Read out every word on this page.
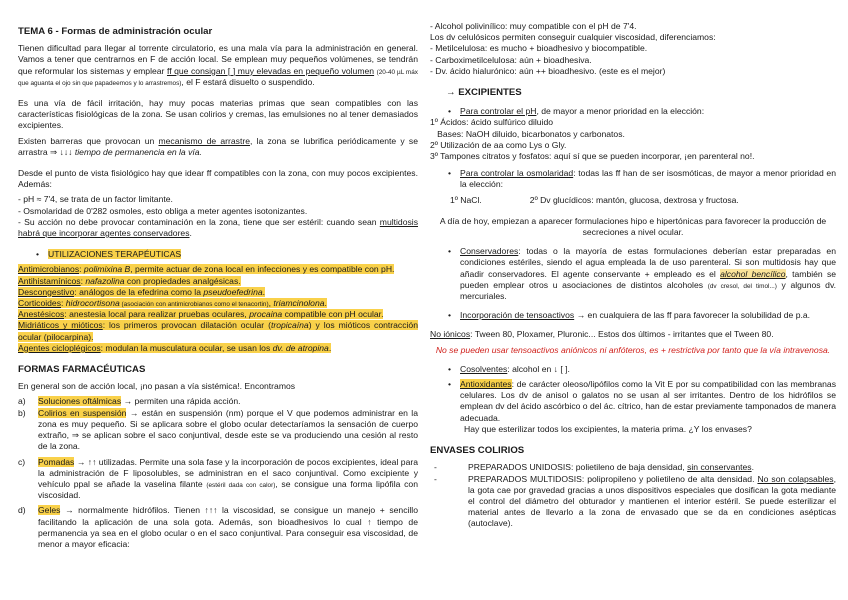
TEMA 6 - Formas de administración ocular

Tienen dificultad para llegar al torrente circulatorio, es una mala vía para la administración en general. Vamos a tener que centrarnos en F de acción local. Se emplean muy pequeños volúmenes, se tendrán que reformular los sistemas y emplear ff que consigan [ ] muy elevadas en pequeño volumen (20-40 µL máx que aguanta el ojo sin que papadeemos y lo arrastremos), el F estará disuelto o suspendido.

Es una vía de fácil irritación, hay muy pocas materias primas que sean compatibles con las características fisiológicas de la zona. Se usan colirios y cremas, las emulsiones no al tener demasiados excipientes.

Existen barreras que provocan un mecanismo de arrastre, la zona se lubrifica periódicamente y se arrastra ⇒ ↓↓↓ tiempo de permanencia en la vía.

Desde el punto de vista fisiológico hay que idear ff compatibles con la zona, con muy pocos excipientes. Además:

- pH ≈ 7'4, se trata de un factor limitante.

- Osmolaridad de 0'282 osmoles, esto obliga a meter agentes isotonizantes.

- Su acción no debe provocar contaminación en la zona, tiene que ser estéril: cuando sean multidosis habrá que incorporar agentes conservadores.

• UTILIZACIONES TERAPÉUTICAS

Antimicrobianos: polimixina B, permite actuar de zona local en infecciones y es compatible con pH.

Antihistamínicos: nafazolina con propiedades analgésicas.

Descongestivo: análogos de la efedrina como la pseudoefedrina.

Corticoides: hidrocortisona (asociación con antimicrobianos como el tenacortin), triamcinolona.

Anestésicos: anestesia local para realizar pruebas oculares, procaina compatible con pH ocular.

Midriáticos y mióticos: los primeros provocan dilatación ocular (tropicaína) y los mióticos contracción ocular (pilocarpina).

Agentes cicloplégicos: modulan la musculatura ocular, se usan los dv. de atropina.

FORMAS FARMACÉUTICAS

En general son de acción local, ¡no pasan a vía sistémica!. Encontramos

a) Soluciones oftálmicas → permiten una rápida acción.

b) Colirios en suspensión → están en suspensión (nm) porque el V que podemos administrar en la zona es muy pequeño. Si se aplicara sobre el globo ocular detectaríamos la sensación de cuerpo extraño, ⇒ se aplican sobre el saco conjuntival, desde este se va produciendo una cesión al resto de la zona.

c) Pomadas → ↑↑ utilizadas. Permite una sola fase y la incorporación de pocos excipientes, ideal para la administración de F liposolubles, se administran en el saco conjuntival. Como excipiente y vehículo ppal se añade la vaselina filante (estéril dada con calor), se consigue una forma lipófila con viscosidad.

d) Geles → normalmente hidrófilos. Tienen ↑↑↑ la viscosidad, se consigue un manejo + sencillo facilitando la aplicación de una sola gota. Además, son bioadhesivos lo cual ↑ tiempo de permanencia ya sea en el globo ocular o en el saco conjuntival. Para conseguir esa viscosidad, de menor a mayor eficacia:

- Alcohol polivinílico: muy compatible con el pH de 7'4.

Los dv celulósicos permiten conseguir cualquier viscosidad, diferenciamos:

- Metilcelulosa: es mucho + bioadhesivo y biocompatible.

- Carboximetilcelulosa: aún + bioadhesiva.

- Dv. ácido hialurónico: aún ++ bioadhesivo. (este es el mejor)

→ EXCIPIENTES

• Para controlar el pH, de mayor a menor prioridad en la elección:

1º Ácidos: ácido sulfúrico diluido

Bases: NaOH diluido, bicarbonatos y carbonatos.

2º Utilización de aa como Lys o Gly.

3º Tampones citratos y fosfatos: aquí sí que se pueden incorporar, ¡en parenteral no!.

• Para controlar la osmolaridad: todas las ff han de ser isosmóticas, de mayor a menor prioridad en la elección:

1º NaCl.	2º Dv glucídicos: mantón, glucosa, dextrosa y fructosa.

A día de hoy, empiezan a aparecer formulaciones hipo e hipertónicas para favorecer la producción de secreciones a nivel ocular.

• Conservadores: todas o la mayoría de estas formulaciones deberían estar preparadas en condiciones estériles, siendo el agua empleada la de uso parenteral. Si son multidosis hay que añadir conservadores. El agente conservante + empleado es el alcohol bencílico, también se pueden emplear otros u asociaciones de distintos alcoholes (dv cresol, del timol...) y algunos dv. mercuriales.

• Incorporación de tensoactivos → en cualquiera de las ff para favorecer la solubilidad de p.a.

No iónicos: Tween 80, Ploxamer, Pluronic... Estos dos últimos - irritantes que el Tween 80.

No se pueden usar tensoactivos aniónicos ni anfóteros, es + restrictiva por tanto que la vía intravenosa.

• Cosolventes: alcohol en ↓ [ ].

• Antioxidantes: de carácter oleoso/lipófilos como la Vit E por su compatibilidad con las membranas celulares. Los dv de anisol o galatos no se usan al ser irritantes. Dentro de los hidrófilos se emplean dv del ácido ascórbico o del ác. cítrico, han de estar previamente tamponados de manera adecuada.

Hay que esterilizar todos los excipientes, la materia prima. ¿Y los envases?

ENVASES COLIRIOS

- PREPARADOS UNIDOSIS: polietileno de baja densidad, sin conservantes.

- PREPARADOS MULTIDOSIS: polipropileno y polietileno de alta densidad. No son colapsables, la gota cae por gravedad gracias a unos dispositivos especiales que dosifican la gota mediante el control del diámetro del obturador y mantienen el interior estéril. Se puede esterilizar el material antes de llevarlo a la zona de envasado que se da en condiciones asépticas (autoclave).
